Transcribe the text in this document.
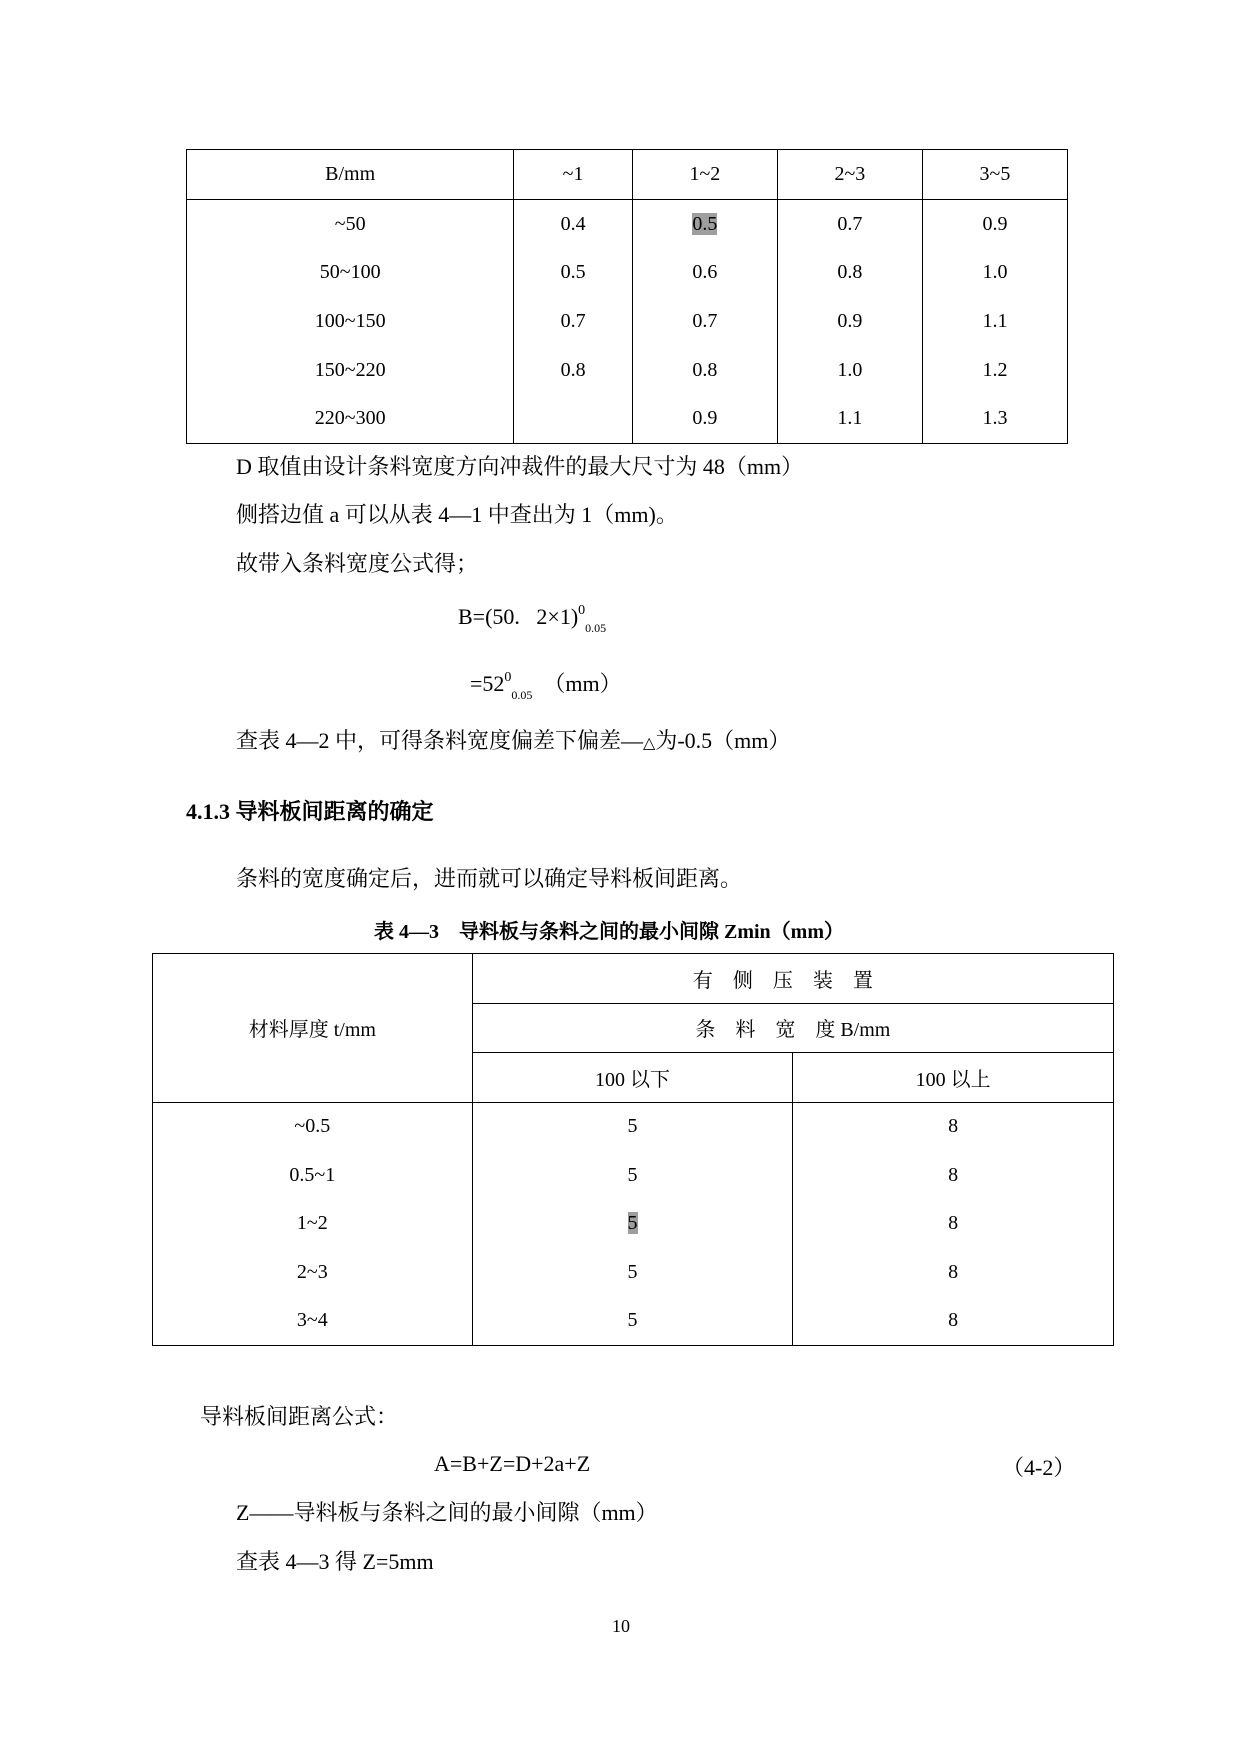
B/mm	~1	1~2	2~3	3~5
~50	0.4	0.5	0.7	0.9
50~100	0.5	0.6	0.8	1.0
100~150	0.7	0.7	0.9	1.1
150~220	0.8	0.8	1.0	1.2
220~300		0.9	1.1	1.3
D 取值由设计条料宽度方向冲裁件的最大尺寸为 48（mm）
侧搭边值 a 可以从表 4—1 中查出为 1（mm)。
故带入条料宽度公式得；
B=(50. 2×1)$^0_{0.05}$
$=52^0_{0.05}$ （mm）
查表 4—2 中，可得条料宽度偏差下偏差—△为-0.5（mm）
4.1.3 导料板间距离的确定
条料的宽度确定后，进而就可以确定导料板间距离。
表 4—3　导料板与条料之间的最小间隙 Zmin（mm）
材料厚度 t/mm	有侧压装置	
	条料宽度 B/mm	
	100 以下	100 以上
~0.5	5	8
0.5~1	5	8
1~2	5	8
2~3	5	8
3~4	5	8
导料板间距离公式：
A=B+Z=D+2a+Z	（4-2）
Z——导料板与条料之间的最小间隙（mm）
查表 4—3 得 Z=5mm
10
